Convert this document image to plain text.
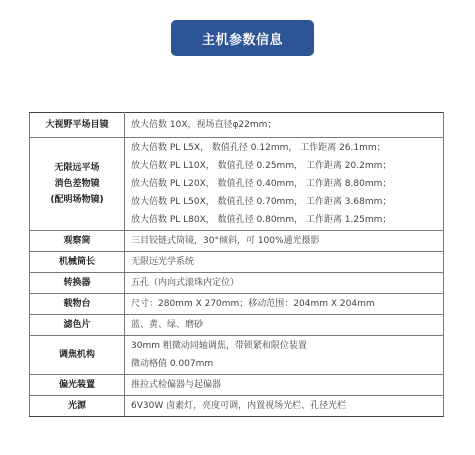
主机参数信息
大视野平场目镜	放大倍数 10X，视场直径φ22mm；

无限远平场
消色差物镜
(配明场物镜)	放大倍数 PL L5X， 数值孔径 0.12mm， 工作距离 26.1mm；
放大倍数 PL L10X， 数值孔径 0.25mm， 工作距离 20.2mm；
放大倍数 PL L20X， 数值孔径 0.40mm， 工作距离 8.80mm；
放大倍数 PL L50X， 数值孔径 0.70mm， 工作距离 3.68mm；
放大倍数 PL L80X， 数值孔径 0.80mm， 工作距离 1.25mm；

观察筒	三目铰链式筒镜，30°倾斜，可 100%通光摄影

机械筒长	无限远光学系统

转换器	五孔（内向式滚珠内定位）

载物台	尺寸：280mm X 270mm；移动范围：204mm X 204mm

滤色片	蓝、黄、绿、磨砂

调焦机构	30mm 粗微动同轴调焦，带锁紧和限位装置
微动格值 0.007mm

偏光装置	推拉式检偏器与起偏器

光源	6V30W 卤素灯，亮度可调，内置视场光栏、孔径光栏
